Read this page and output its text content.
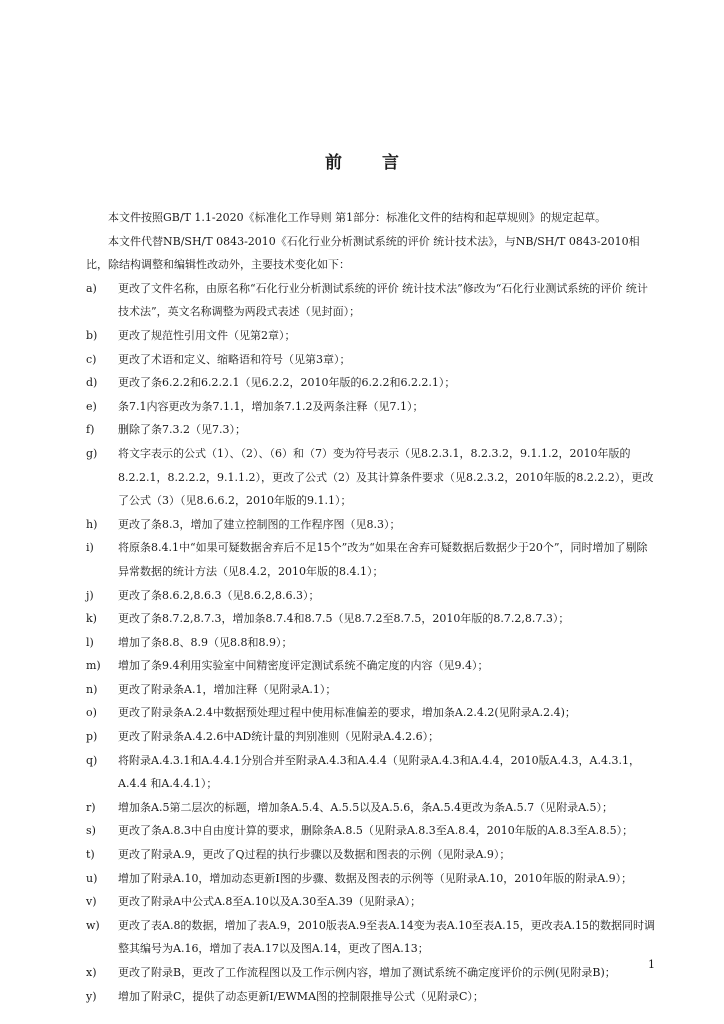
前 言

本文件按照GB/T 1.1-2020《标准化工作导则 第1部分：标准化文件的结构和起草规则》的规定起草。

本文件代替NB/SH/T 0843-2010《石化行业分析测试系统的评价 统计技术法》，与NB/SH/T 0843-2010相比，除结构调整和编辑性改动外，主要技术变化如下：

a)	更改了文件名称，由原名称“石化行业分析测试系统的评价 统计技术法”修改为“石化行业测试系统的评价 统计技术法”，英文名称调整为两段式表述（见封面）；
b)	更改了规范性引用文件（见第2章）；
c)	更改了术语和定义、缩略语和符号（见第3章）；
d)	更改了条6.2.2和6.2.2.1（见6.2.2，2010年版的6.2.2和6.2.2.1）；
e)	条7.1内容更改为条7.1.1，增加条7.1.2及两条注释（见7.1）；
f)	删除了条7.3.2（见7.3）；
g)	将文字表示的公式（1）、（2）、（6）和（7）变为符号表示（见8.2.3.1，8.2.3.2，9.1.1.2，2010年版的8.2.2.1，8.2.2.2，9.1.1.2），更改了公式（2）及其计算条件要求（见8.2.3.2，2010年版的8.2.2.2），更改了公式（3）（见8.6.6.2，2010年版的9.1.1）；
h)	更改了条8.3，增加了建立控制图的工作程序图（见8.3）；
i)	将原条8.4.1中“如果可疑数据舍弃后不足15个”改为“如果在舍弃可疑数据后数据少于20个”，同时增加了剔除异常数据的统计方法（见8.4.2，2010年版的8.4.1）；
j)	更改了条8.6.2,8.6.3（见8.6.2,8.6.3）；
k)	更改了条8.7.2,8.7.3，增加条8.7.4和8.7.5（见8.7.2至8.7.5，2010年版的8.7.2,8.7.3）；
l)	增加了条8.8、8.9（见8.8和8.9）；
m)	增加了条9.4利用实验室中间精密度评定测试系统不确定度的内容（见9.4）；
n)	更改了附录条A.1，增加注释（见附录A.1）；
o)	更改了附录条A.2.4中数据预处理过程中使用标准偏差的要求，增加条A.2.4.2(见附录A.2.4)；
p)	更改了附录条A.4.2.6中AD统计量的判别准则（见附录A.4.2.6）；
q)	将附录A.4.3.1和A.4.4.1分别合并至附录A.4.3和A.4.4（见附录A.4.3和A.4.4，2010版A.4.3，A.4.3.1，A.4.4 和A.4.4.1）；
r)	增加条A.5第二层次的标题，增加条A.5.4、A.5.5以及A.5.6，条A.5.4更改为条A.5.7（见附录A.5）；
s)	更改了条A.8.3中自由度计算的要求，删除条A.8.5（见附录A.8.3至A.8.4，2010年版的A.8.3至A.8.5）；
t)	更改了附录A.9，更改了Q过程的执行步骤以及数据和图表的示例（见附录A.9）；
u)	增加了附录A.10，增加动态更新I图的步骤、数据及图表的示例等（见附录A.10，2010年版的附录A.9）；
v)	更改了附录A中公式A.8至A.10以及A.30至A.39（见附录A）；
w)	更改了表A.8的数据，增加了表A.9，2010版表A.9至表A.14变为表A.10至表A.15，更改表A.15的数据同时调整其编号为A.16，增加了表A.17以及图A.14，更改了图A.13；
x)	更改了附录B，更改了工作流程图以及工作示例内容，增加了测试系统不确定度评价的示例(见附录B)；
y)	增加了附录C，提供了动态更新I/EWMA图的控制限推导公式（见附录C）；
1
